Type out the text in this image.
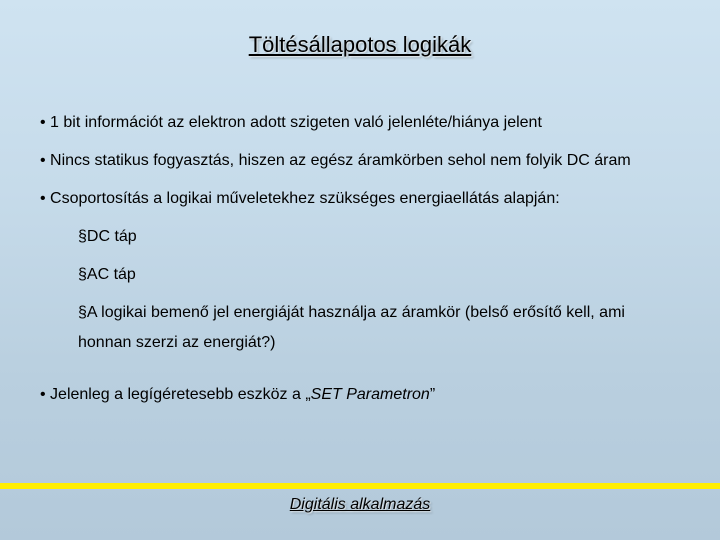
Töltésállapotos logikák

• 1 bit információt az elektron adott szigeten való jelenléte/hiánya jelent

• Nincs statikus fogyasztás, hiszen az egész áramkörben sehol nem folyik DC áram

• Csoportosítás a logikai műveletekhez szükséges energiaellátás alapján:

§DC táp

§AC táp

§A logikai bemenő jel energiáját használja az áramkör (belső erősítő kell, ami honnan szerzi az energiát?)

• Jelenleg a legígéretesebb eszköz a „SET Parametron”

Digitális alkalmazás
